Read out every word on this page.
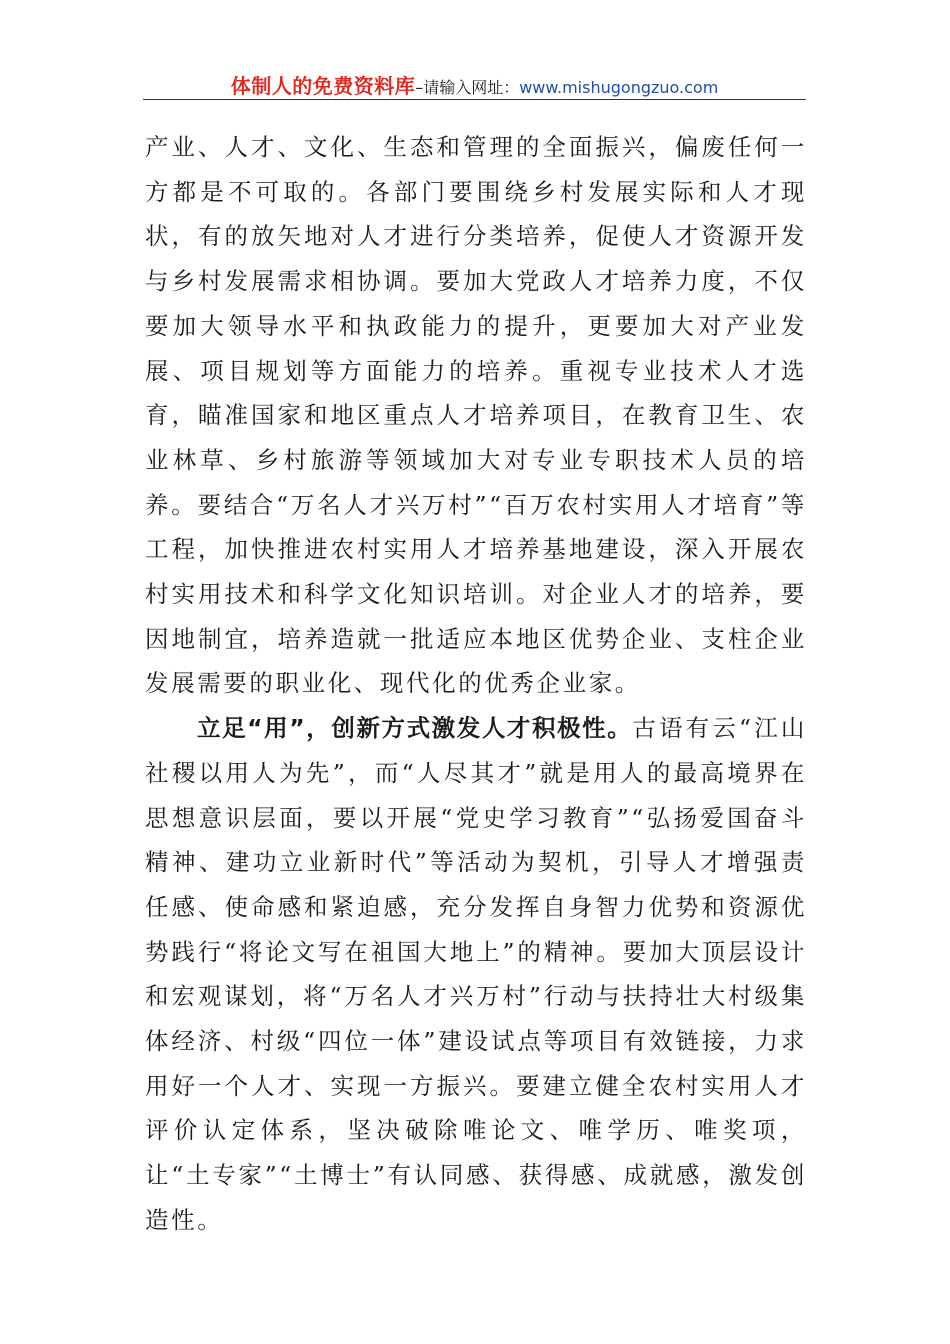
体制人的免费资料库–请输入网址：www.mishugongzuo.com

产业、人才、文化、生态和管理的全面振兴，偏废任何一方都是不可取的。各部门要围绕乡村发展实际和人才现状，有的放矢地对人才进行分类培养，促使人才资源开发与乡村发展需求相协调。要加大党政人才培养力度，不仅要加大领导水平和执政能力的提升，更要加大对产业发展、项目规划等方面能力的培养。重视专业技术人才选育，瞄准国家和地区重点人才培养项目，在教育卫生、农业林草、乡村旅游等领域加大对专业专职技术人员的培养。要结合“万名人才兴万村”“百万农村实用人才培育”等工程，加快推进农村实用人才培养基地建设，深入开展农村实用技术和科学文化知识培训。对企业人才的培养，要因地制宜，培养造就一批适应本地区优势企业、支柱企业发展需要的职业化、现代化的优秀企业家。

立足“用”，创新方式激发人才积极性。古语有云“江山社稷以用人为先”，而“人尽其才”就是用人的最高境界在思想意识层面，要以开展“党史学习教育”“弘扬爱国奋斗精神、建功立业新时代”等活动为契机，引导人才增强责任感、使命感和紧迫感，充分发挥自身智力优势和资源优势践行“将论文写在祖国大地上”的精神。要加大顶层设计和宏观谋划，将“万名人才兴万村”行动与扶持壮大村级集体经济、村级“四位一体”建设试点等项目有效链接，力求用好一个人才、实现一方振兴。要建立健全农村实用人才评价认定体系，坚决破除唯论文、唯学历、唯奖项，让“土专家”“土博士”有认同感、获得感、成就感，激发创造性。
